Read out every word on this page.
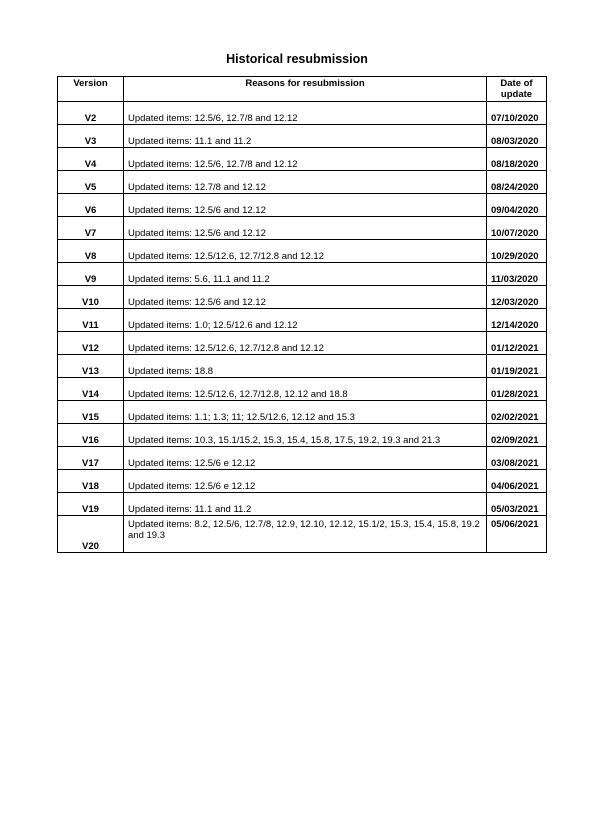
Historical resubmission
Version	Reasons for resubmission	Date of update
V2	Updated items: 12.5/6, 12.7/8 and 12.12	07/10/2020
V3	Updated items: 11.1 and 11.2	08/03/2020
V4	Updated items: 12.5/6, 12.7/8 and 12.12	08/18/2020
V5	Updated items: 12.7/8 and 12.12	08/24/2020
V6	Updated items: 12.5/6 and 12.12	09/04/2020
V7	Updated items: 12.5/6 and 12.12	10/07/2020
V8	Updated items: 12.5/12.6, 12.7/12.8 and 12.12	10/29/2020
V9	Updated items: 5.6, 11.1 and 11.2	11/03/2020
V10	Updated items: 12.5/6 and 12.12	12/03/2020
V11	Updated items: 1.0; 12.5/12.6 and 12.12	12/14/2020
V12	Updated items: 12.5/12.6, 12.7/12.8 and 12.12	01/12/2021
V13	Updated items: 18.8	01/19/2021
V14	Updated items: 12.5/12.6, 12.7/12.8, 12.12 and 18.8	01/28/2021
V15	Updated items: 1.1; 1.3; 11; 12.5/12.6, 12.12 and 15.3	02/02/2021
V16	Updated items: 10.3, 15.1/15.2, 15.3, 15.4, 15.8, 17.5, 19.2, 19.3 and 21.3	02/09/2021
V17	Updated items: 12.5/6 e 12.12	03/08/2021
V18	Updated items: 12.5/6 e 12.12	04/06/2021
V19	Updated items: 11.1 and 11.2	05/03/2021
V20	Updated items: 8.2, 12.5/6, 12.7/8, 12.9, 12.10, 12.12, 15.1/2, 15.3, 15.4, 15.8, 19.2 and 19.3	05/06/2021
